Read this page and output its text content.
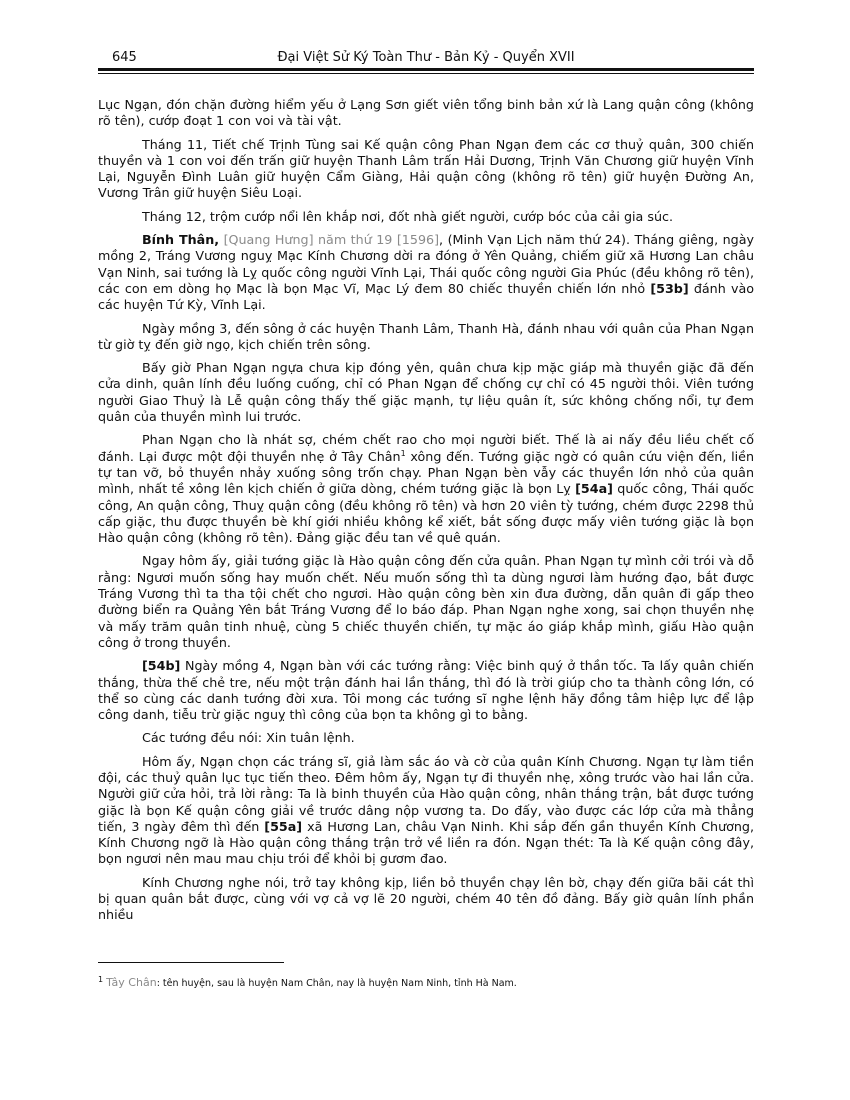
645	Đại Việt Sử Ký Toàn Thư - Bản Kỷ - Quyển XVII

Lục Ngạn, đón chặn đường hiểm yếu ở Lạng Sơn giết viên tổng binh bản xứ là Lang quận công (không rõ tên), cướp đoạt 1 con voi và tài vật.

Tháng 11, Tiết chế Trịnh Tùng sai Kế quận công Phan Ngạn đem các cơ thuỷ quân, 300 chiến thuyền và 1 con voi đến trấn giữ huyện Thanh Lâm trấn Hải Dương, Trịnh Văn Chương giữ huyện Vĩnh Lại, Nguyễn Đình Luân giữ huyện Cẩm Giàng, Hải quận công (không rõ tên) giữ huyện Đường An, Vương Trân giữ huyện Siêu Loại.

Tháng 12, trộm cướp nổi lên khắp nơi, đốt nhà giết người, cướp bóc của cải gia súc.

Bính Thân, [Quang Hưng] năm thứ 19 [1596], (Minh Vạn Lịch năm thứ 24). Tháng giêng, ngày mồng 2, Tráng Vương nguỵ Mạc Kính Chương dời ra đóng ở Yên Quảng, chiếm giữ xã Hương Lan châu Vạn Ninh, sai tướng là Lỵ quốc công người Vĩnh Lại, Thái quốc công người Gia Phúc (đều không rõ tên), các con em dòng họ Mạc là bọn Mạc Vĩ, Mạc Lý đem 80 chiếc thuyền chiến lớn nhỏ [53b] đánh vào các huyện Tứ Kỳ, Vĩnh Lại.

Ngày mồng 3, đến sông ở các huyện Thanh Lâm, Thanh Hà, đánh nhau với quân của Phan Ngạn từ giờ tỵ đến giờ ngọ, kịch chiến trên sông.

Bấy giờ Phan Ngạn ngựa chưa kịp đóng yên, quân chưa kịp mặc giáp mà thuyền giặc đã đến cửa dinh, quân lính đều luống cuống, chỉ có Phan Ngạn để chống cự chỉ có 45 người thôi. Viên tướng người Giao Thuỷ là Lễ quận công thấy thế giặc mạnh, tự liệu quân ít, sức không chống nổi, tự đem quân của thuyền mình lui trước.

Phan Ngạn cho là nhát sợ, chém chết rao cho mọi người biết. Thế là ai nấy đều liều chết cố đánh. Lại được một đội thuyền nhẹ ở Tây Chân$^1$ xông đến. Tướng giặc ngờ có quân cứu viện đến, liền tự tan vỡ, bỏ thuyền nhảy xuống sông trốn chạy. Phan Ngạn bèn vẫy các thuyền lớn nhỏ của quân mình, nhất tề xông lên kịch chiến ở giữa dòng, chém tướng giặc là bọn Lỵ [54a] quốc công, Thái quốc công, An quận công, Thuỵ quận công (đều không rõ tên) và hơn 20 viên tỳ tướng, chém được 2298 thủ cấp giặc, thu được thuyền bè khí giới nhiều không kể xiết, bắt sống được mấy viên tướng giặc là bọn Hào quận công (không rõ tên). Đảng giặc đều tan về quê quán.

Ngay hôm ấy, giải tướng giặc là Hào quận công đến cửa quân. Phan Ngạn tự mình cởi trói và dỗ rằng: Ngươi muốn sống hay muốn chết. Nếu muốn sống thì ta dùng ngươi làm hướng đạo, bắt được Tráng Vương thì ta tha tội chết cho ngươi. Hào quận công bèn xin đưa đường, dẫn quân đi gấp theo đường biển ra Quảng Yên bắt Tráng Vương để lo báo đáp. Phan Ngạn nghe xong, sai chọn thuyền nhẹ và mấy trăm quân tinh nhuệ, cùng 5 chiếc thuyền chiến, tự mặc áo giáp khắp mình, giấu Hào quận công ở trong thuyền.

[54b] Ngày mồng 4, Ngạn bàn với các tướng rằng: Việc binh quý ở thần tốc. Ta lấy quân chiến thắng, thừa thế chẻ tre, nếu một trận đánh hai lần thắng, thì đó là trời giúp cho ta thành công lớn, có thể so cùng các danh tướng đời xưa. Tôi mong các tướng sĩ nghe lệnh hãy đồng tâm hiệp lực để lập công danh, tiễu trừ giặc nguỵ thì công của bọn ta không gì to bằng.

Các tướng đều nói: Xin tuân lệnh.

Hôm ấy, Ngạn chọn các tráng sĩ, giả làm sắc áo và cờ của quân Kính Chương. Ngạn tự làm tiền đội, các thuỷ quân lục tục tiến theo. Đêm hôm ấy, Ngạn tự đi thuyền nhẹ, xông trước vào hai lần cửa. Người giữ cửa hỏi, trả lời rằng: Ta là binh thuyền của Hào quận công, nhân thắng trận, bắt được tướng giặc là bọn Kế quận công giải về trước dâng nộp vương ta. Do đấy, vào được các lớp cửa mà thẳng tiến, 3 ngày đêm thì đến [55a] xã Hương Lan, châu Vạn Ninh. Khi sắp đến gần thuyền Kính Chương, Kính Chương ngỡ là Hào quận công thắng trận trở về liền ra đón. Ngạn thét: Ta là Kế quận công đây, bọn ngươi nên mau mau chịu trói để khỏi bị gươm đao.

Kính Chương nghe nói, trở tay không kịp, liền bỏ thuyền chạy lên bờ, chạy đến giữa bãi cát thì bị quan quân bắt được, cùng với vợ cả vợ lẽ 20 người, chém 40 tên đồ đảng. Bấy giờ quân lính phần nhiều

$^1$ Tây Chân: tên huyện, sau là huyện Nam Chân, nay là huyện Nam Ninh, tỉnh Hà Nam.
